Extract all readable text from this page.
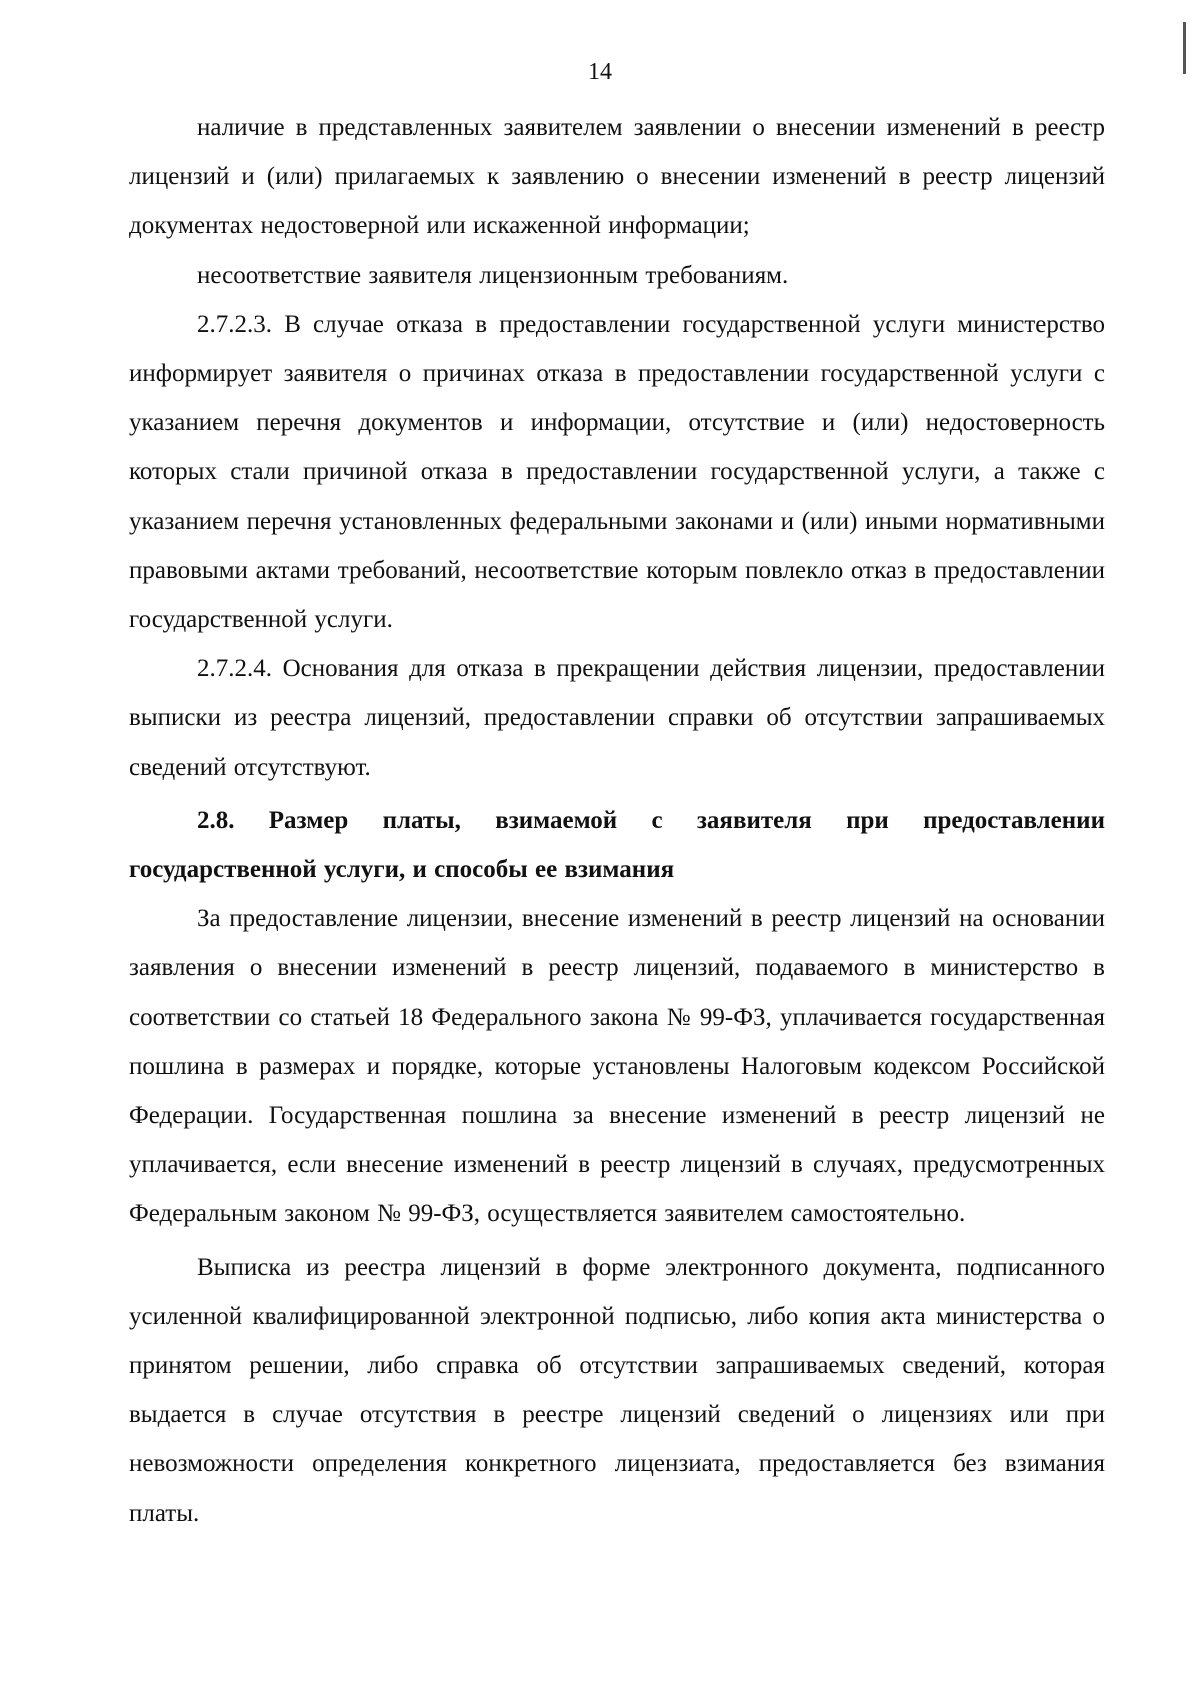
14

наличие в представленных заявителем заявлении о внесении изменений в реестр лицензий и (или) прилагаемых к заявлению о внесении изменений в реестр лицензий документах недостоверной или искаженной информации;

несоответствие заявителя лицензионным требованиям.

2.7.2.3. В случае отказа в предоставлении государственной услуги министерство информирует заявителя о причинах отказа в предоставлении государственной услуги с указанием перечня документов и информации, отсутствие и (или) недостоверность которых стали причиной отказа в предоставлении государственной услуги, а также с указанием перечня установленных федеральными законами и (или) иными нормативными правовыми актами требований, несоответствие которым повлекло отказ в предоставлении государственной услуги.

2.7.2.4. Основания для отказа в прекращении действия лицензии, предоставлении выписки из реестра лицензий, предоставлении справки об отсутствии запрашиваемых сведений отсутствуют.

2.8. Размер платы, взимаемой с заявителя при предоставлении государственной услуги, и способы ее взимания

За предоставление лицензии, внесение изменений в реестр лицензий на основании заявления о внесении изменений в реестр лицензий, подаваемого в министерство в соответствии со статьей 18 Федерального закона № 99-ФЗ, уплачивается государственная пошлина в размерах и порядке, которые установлены Налоговым кодексом Российской Федерации. Государственная пошлина за внесение изменений в реестр лицензий не уплачивается, если внесение изменений в реестр лицензий в случаях, предусмотренных Федеральным законом № 99-ФЗ, осуществляется заявителем самостоятельно.

Выписка из реестра лицензий в форме электронного документа, подписанного усиленной квалифицированной электронной подписью, либо копия акта министерства о принятом решении, либо справка об отсутствии запрашиваемых сведений, которая выдается в случае отсутствия в реестре лицензий сведений о лицензиях или при невозможности определения конкретного лицензиата, предоставляется без взимания платы.
